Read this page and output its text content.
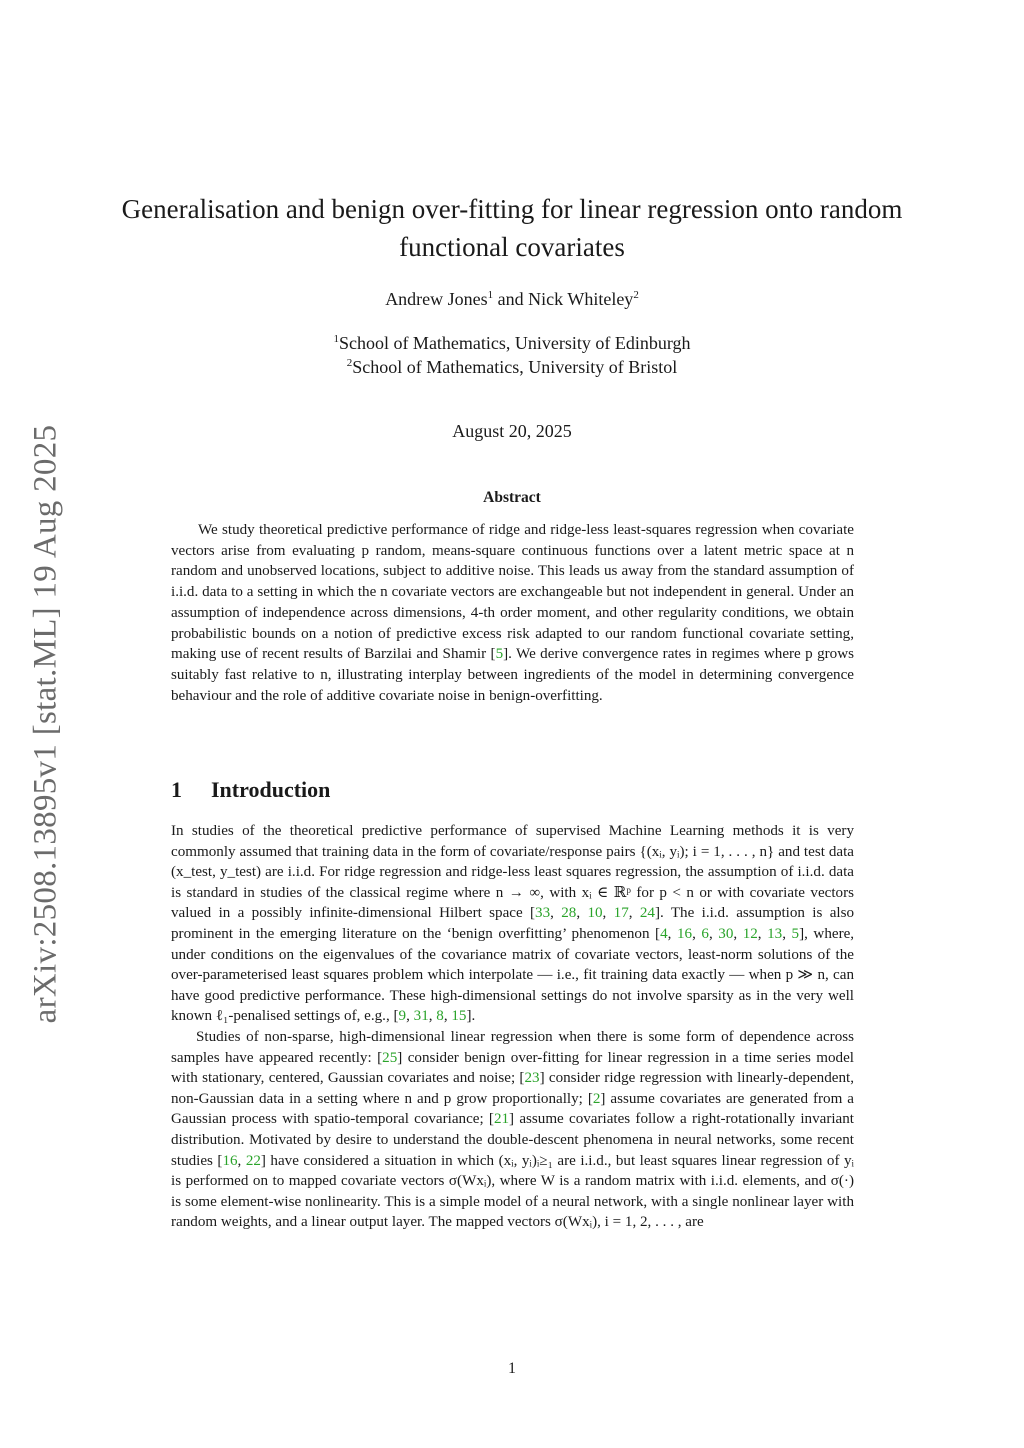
arXiv:2508.13895v1 [stat.ML] 19 Aug 2025
Generalisation and benign over-fitting for linear regression onto random functional covariates
Andrew Jones$^1$ and Nick Whiteley$^2$
$^1$School of Mathematics, University of Edinburgh
$^2$School of Mathematics, University of Bristol
August 20, 2025
Abstract

We study theoretical predictive performance of ridge and ridge-less least-squares regression when covariate vectors arise from evaluating p random, means-square continuous functions over a latent metric space at n random and unobserved locations, subject to additive noise. This leads us away from the standard assumption of i.i.d. data to a setting in which the n covariate vectors are exchangeable but not independent in general. Under an assumption of independence across dimensions, 4-th order moment, and other regularity conditions, we obtain probabilistic bounds on a notion of predictive excess risk adapted to our random functional covariate setting, making use of recent results of Barzilai and Shamir [5]. We derive convergence rates in regimes where p grows suitably fast relative to n, illustrating interplay between ingredients of the model in determining convergence behaviour and the role of additive covariate noise in benign-overfitting.

1 Introduction

In studies of the theoretical predictive performance of supervised Machine Learning methods it is very commonly assumed that training data in the form of covariate/response pairs {(xᵢ, yᵢ); i = 1, . . . , n} and test data (x_test, y_test) are i.i.d. For ridge regression and ridge-less least squares regression, the assumption of i.i.d. data is standard in studies of the classical regime where n → ∞, with xᵢ ∈ ℝᵖ for p < n or with covariate vectors valued in a possibly infinite-dimensional Hilbert space [33, 28, 10, 17, 24]. The i.i.d. assumption is also prominent in the emerging literature on the ‘benign overfitting’ phenomenon [4, 16, 6, 30, 12, 13, 5], where, under conditions on the eigenvalues of the covariance matrix of covariate vectors, least-norm solutions of the over-parameterised least squares problem which interpolate — i.e., fit training data exactly — when p ≫ n, can have good predictive performance. These high-dimensional settings do not involve sparsity as in the very well known ℓ₁-penalised settings of, e.g., [9, 31, 8, 15].

Studies of non-sparse, high-dimensional linear regression when there is some form of dependence across samples have appeared recently: [25] consider benign over-fitting for linear regression in a time series model with stationary, centered, Gaussian covariates and noise; [23] consider ridge regression with linearly-dependent, non-Gaussian data in a setting where n and p grow proportionally; [2] assume covariates are generated from a Gaussian process with spatio-temporal covariance; [21] assume covariates follow a right-rotationally invariant distribution. Motivated by desire to understand the double-descent phenomena in neural networks, some recent studies [16, 22] have considered a situation in which (xᵢ, yᵢ)ᵢ≥₁ are i.i.d., but least squares linear regression of yᵢ is performed on to mapped covariate vectors σ(Wxᵢ), where W is a random matrix with i.i.d. elements, and σ(·) is some element-wise nonlinearity. This is a simple model of a neural network, with a single nonlinear layer with random weights, and a linear output layer. The mapped vectors σ(Wxᵢ), i = 1, 2, . . . , are

1
